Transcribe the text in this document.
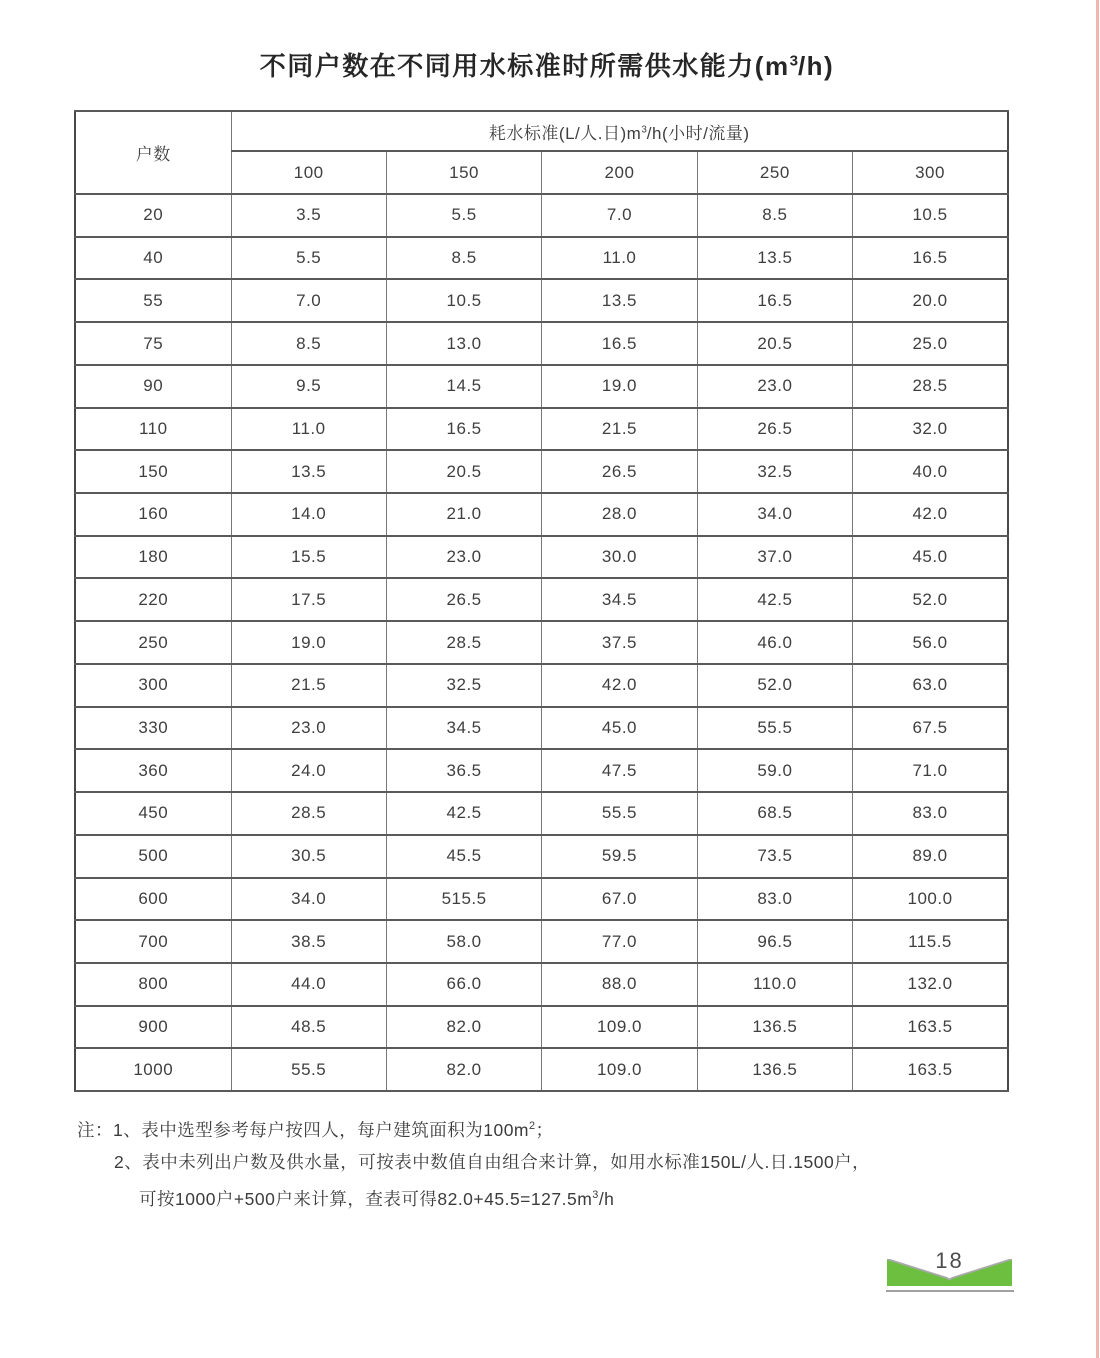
不同户数在不同用水标准时所需供水能力$(m^3/h)$
户数	耗水标准(L/人.日)$m^3/h$(小时/流量)				
	100	150	200	250	300
20	3.5	5.5	7.0	8.5	10.5
40	5.5	8.5	11.0	13.5	16.5
55	7.0	10.5	13.5	16.5	20.0
75	8.5	13.0	16.5	20.5	25.0
90	9.5	14.5	19.0	23.0	28.5
110	11.0	16.5	21.5	26.5	32.0
150	13.5	20.5	26.5	32.5	40.0
160	14.0	21.0	28.0	34.0	42.0
180	15.5	23.0	30.0	37.0	45.0
220	17.5	26.5	34.5	42.5	52.0
250	19.0	28.5	37.5	46.0	56.0
300	21.5	32.5	42.0	52.0	63.0
330	23.0	34.5	45.0	55.5	67.5
360	24.0	36.5	47.5	59.0	71.0
450	28.5	42.5	55.5	68.5	83.0
500	30.5	45.5	59.5	73.5	89.0
600	34.0	515.5	67.0	83.0	100.0
700	38.5	58.0	77.0	96.5	115.5
800	44.0	66.0	88.0	110.0	132.0
900	48.5	82.0	109.0	136.5	163.5
1000	55.5	82.0	109.0	136.5	163.5
注：1、表中选型参考每户按四人，每户建筑面积为$100m^2$；
2、表中未列出户数及供水量，可按表中数值自由组合来计算，如用水标准150L/人.日.1500户，
可按1000户+500户来计算，查表可得$82.0+45.5=127.5m^3/h$
18
